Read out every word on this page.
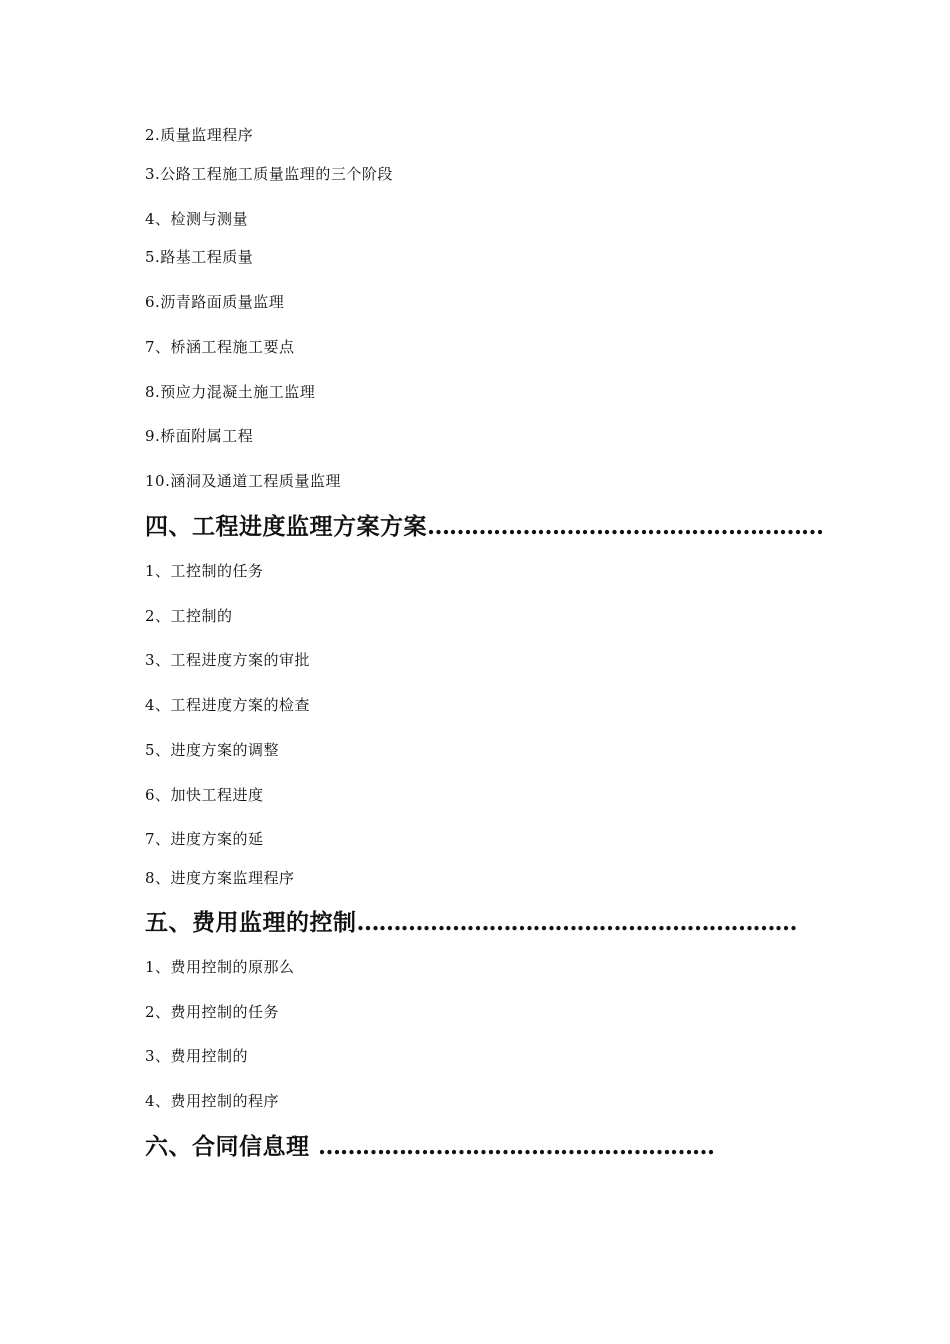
2.质量监理程序
3.公路工程施工质量监理的三个阶段
4、检测与测量
5.路基工程质量
6.沥青路面质量监理
7、桥涵工程施工要点
8.预应力混凝土施工监理
9.桥面附属工程
10.涵洞及通道工程质量监理
四、工程进度监理方案方案………………………………………………
1、工控制的任务
2、工控制的
3、工程进度方案的审批
4、工程进度方案的检查
5、进度方案的调整
6、加快工程进度
7、进度方案的延
8、进度方案监理程序
五、费用监理的控制……………………………………………………
1、费用控制的原那么
2、费用控制的任务
3、费用控制的
4、费用控制的程序
六、合同信息理 ………………………………………………
